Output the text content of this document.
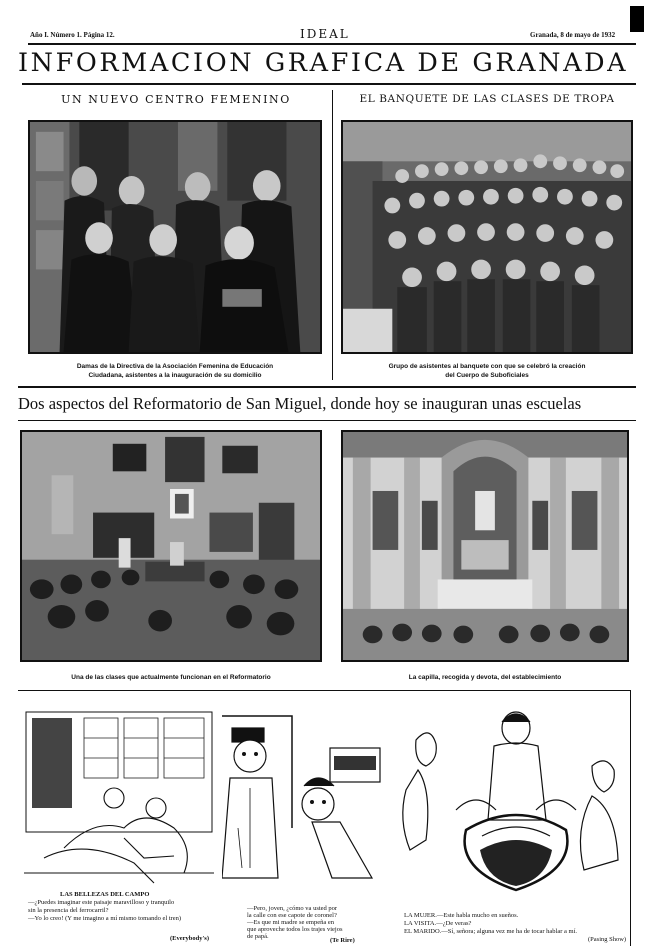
Año I. Número 1. Página 12.	IDEAL	Granada, 8 de mayo de 1932
INFORMACION GRAFICA DE GRANADA
UN NUEVO CENTRO FEMENINO	EL BANQUETE DE LAS CLASES DE TROPA
Damas de la Directiva de la Asociación Femenina de Educación
Ciudadana, asistentes a la inauguración de su domicilio
Grupo de asistentes al banquete con que se celebró la creación
del Cuerpo de Suboficiales
Dos aspectos del Reformatorio de San Miguel, donde hoy se inauguran unas escuelas
Una de las clases que actualmente funcionan en el Reformatorio	La capilla, recogida y devota, del establecimiento
LAS BELLEZAS DEL CAMPO
—¿Puedes imaginar este paisaje maravilloso y tranquilo
sin la presencia del ferrocarril?
—Yo lo creo! (Y me imagino a mí mismo tomando el tren)
(Everybody's)
—Pero, joven, ¿cómo va usted por
la calle con ese capote de coronel?
—Es que mi madre se empeña en
que aproveche todos los trajes viejos
de papá.
(Te Rire)
LA MUJER.—Este habla mucho en sueños.
LA VISITA.—¿De veras?
EL MARIDO.—Sí, señora; alguna vez me ha de tocar hablar a mí.
(Pasing Show)
